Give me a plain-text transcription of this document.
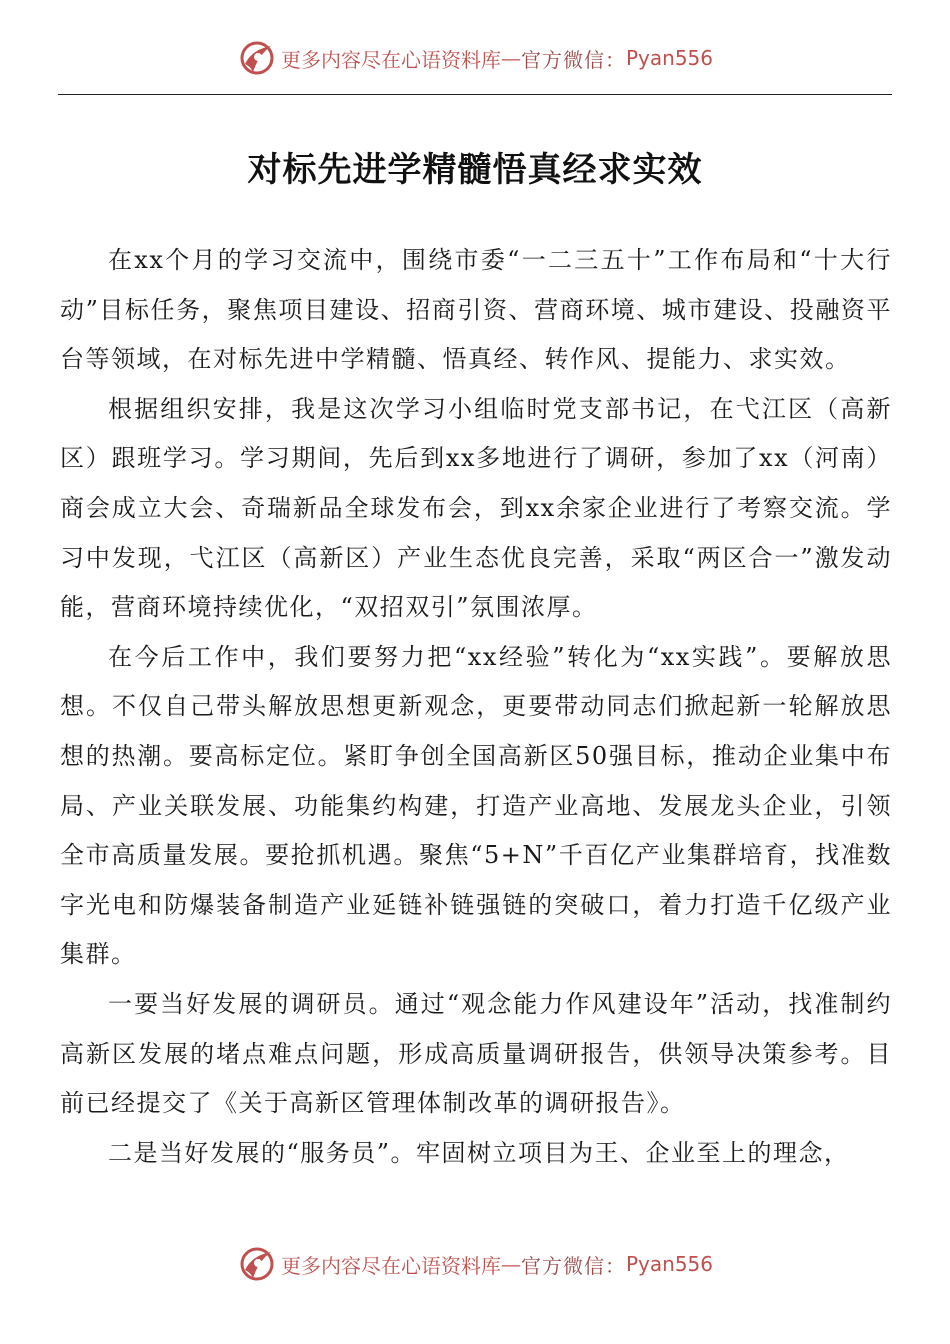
更多内容尽在心语资料库 — 官方微信： Pyan556
对标先进学精髓悟真经求实效

在xx个月的学习交流中，围绕市委“一二三五十”工作布局和“十大行动”目标任务，聚焦项目建设、招商引资、营商环境、城市建设、投融资平台等领域，在对标先进中学精髓、悟真经、转作风、提能力、求实效。

根据组织安排，我是这次学习小组临时党支部书记，在弋江区（高新区）跟班学习。学习期间，先后到xx多地进行了调研，参加了xx（河南）商会成立大会、奇瑞新品全球发布会，到xx余家企业进行了考察交流。学习中发现，弋江区（高新区）产业生态优良完善，采取“两区合一”激发动能，营商环境持续优化，“双招双引”氛围浓厚。

在今后工作中，我们要努力把“xx经验”转化为“xx实践”。要解放思想。不仅自己带头解放思想更新观念，更要带动同志们掀起新一轮解放思想的热潮。要高标定位。紧盯争创全国高新区50强目标，推动企业集中布局、产业关联发展、功能集约构建，打造产业高地、发展龙头企业，引领全市高质量发展。要抢抓机遇。聚焦“5+N”千百亿产业集群培育，找准数字光电和防爆装备制造产业延链补链强链的突破口，着力打造千亿级产业集群。

一要当好发展的调研员。通过“观念能力作风建设年”活动，找准制约高新区发展的堵点难点问题，形成高质量调研报告，供领导决策参考。目前已经提交了《关于高新区管理体制改革的调研报告》。

二是当好发展的“服务员”。牢固树立项目为王、企业至上的理念，

更多内容尽在心语资料库 — 官方微信： Pyan556
